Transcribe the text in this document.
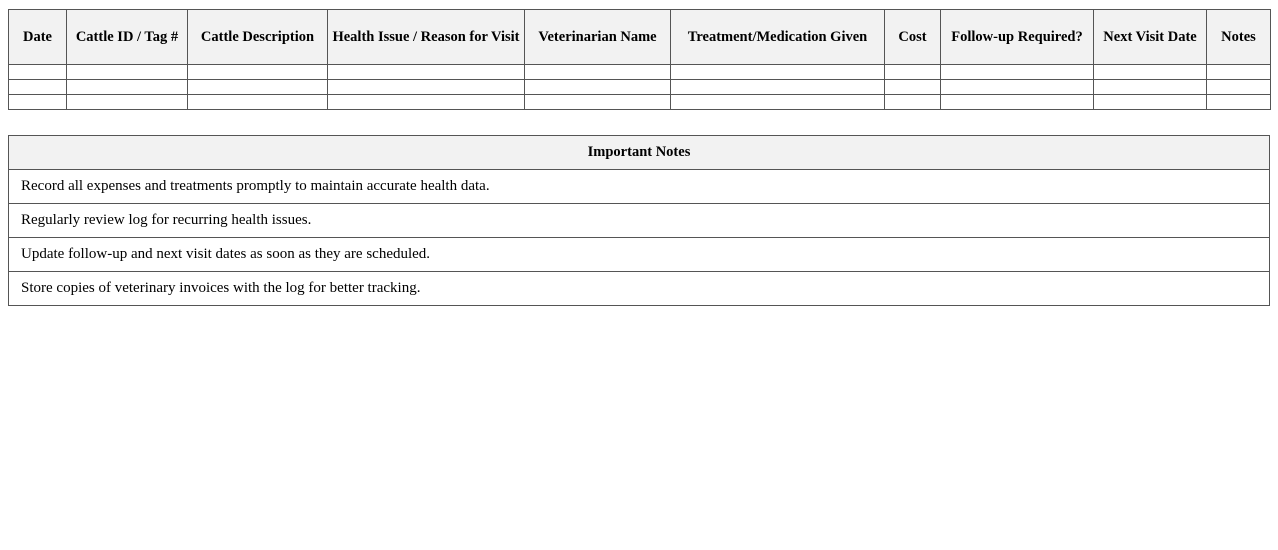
Date	Cattle ID / Tag #	Cattle Description	Health Issue / Reason for Visit	Veterinarian Name	Treatment/Medication Given	Cost	Follow-up Required?	Next Visit Date	Notes

Important Notes
Record all expenses and treatments promptly to maintain accurate health data.
Regularly review log for recurring health issues.
Update follow-up and next visit dates as soon as they are scheduled.
Store copies of veterinary invoices with the log for better tracking.
